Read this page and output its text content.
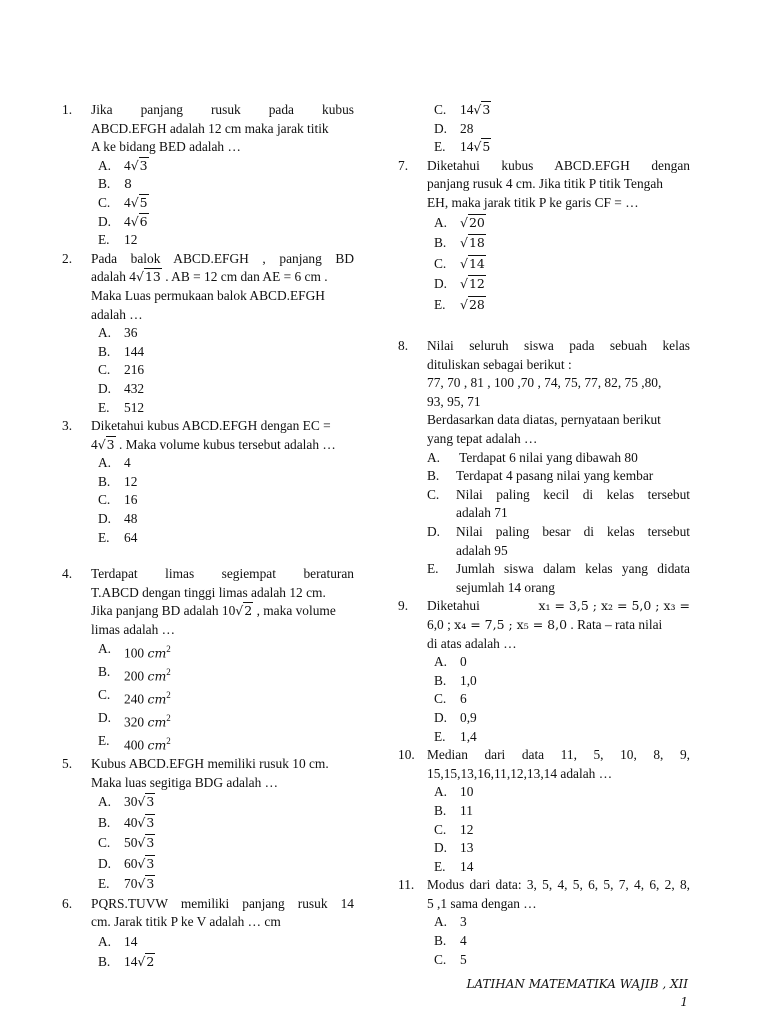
1. Jika panjang rusuk pada kubus
ABCD.EFGH adalah 12 cm maka jarak titik
A ke bidang BED adalah …
A. 4√3
B. 8
C. 4√5
D. 4√6
E. 12
2. Pada balok ABCD.EFGH , panjang BD
adalah 4√13 . AB = 12 cm dan AE = 6 cm .
Maka Luas permukaan balok ABCD.EFGH
adalah …
A. 36
B. 144
C. 216
D. 432
E. 512
3. Diketahui kubus ABCD.EFGH dengan EC =
4√3 . Maka volume kubus tersebut adalah …
A. 4
B. 12
C. 16
D. 48
E. 64
4. Terdapat limas segiempat beraturan
T.ABCD dengan tinggi limas adalah 12 cm.
Jika panjang BD adalah 10√2 , maka volume
limas adalah …
A. 100 $cm^2$
B. 200 $cm^2$
C. 240 $cm^2$
D. 320 $cm^2$
E. 400 $cm^2$
5. Kubus ABCD.EFGH memiliki rusuk 10 cm.
Maka luas segitiga BDG adalah …
A. 30√3
B. 40√3
C. 50√3
D. 60√3
E. 70√3
6. PQRS.TUVW memiliki panjang rusuk 14
cm. Jarak titik P ke V adalah … cm
A. 14
B. 14√2
C. 14√3
D. 28
E. 14√5
7. Diketahui kubus ABCD.EFGH dengan
panjang rusuk 4 cm. Jika titik P titik Tengah
EH, maka jarak titik P ke garis CF = …
A. √20
B. √18
C. √14
D. √12
E. √28
8. Nilai seluruh siswa pada sebuah kelas
dituliskan sebagai berikut :
77, 70 , 81 , 100 ,70 , 74, 75, 77, 82, 75 ,80,
93, 95, 71
Berdasarkan data diatas, pernyataan berikut
yang tepat adalah …
A. Terdapat 6 nilai yang dibawah 80
B. Terdapat 4 pasang nilai yang kembar
C. Nilai paling kecil di kelas tersebut
adalah 71
D. Nilai paling besar di kelas tersebut
adalah 95
E. Jumlah siswa dalam kelas yang didata
sejumlah 14 orang
9. Diketahui	x₁ = 3,5 ; x₂ = 5,0 ; x₃ =
6,0 ; x₄ = 7,5 ; x₅ = 8,0 . Rata – rata nilai
di atas adalah …
A. 0
B. 1,0
C. 6
D. 0,9
E. 1,4
10. Median dari data 11, 5, 10, 8, 9,
15,15,13,16,11,12,13,14 adalah …
A. 10
B. 11
C. 12
D. 13
E. 14
11. Modus dari data: 3, 5, 4, 5, 6, 5, 7, 4, 6, 2, 8,
5 ,1 sama dengan …
A. 3
B. 4
C. 5
LATIHAN MATEMATIKA WAJIB , XII
1
